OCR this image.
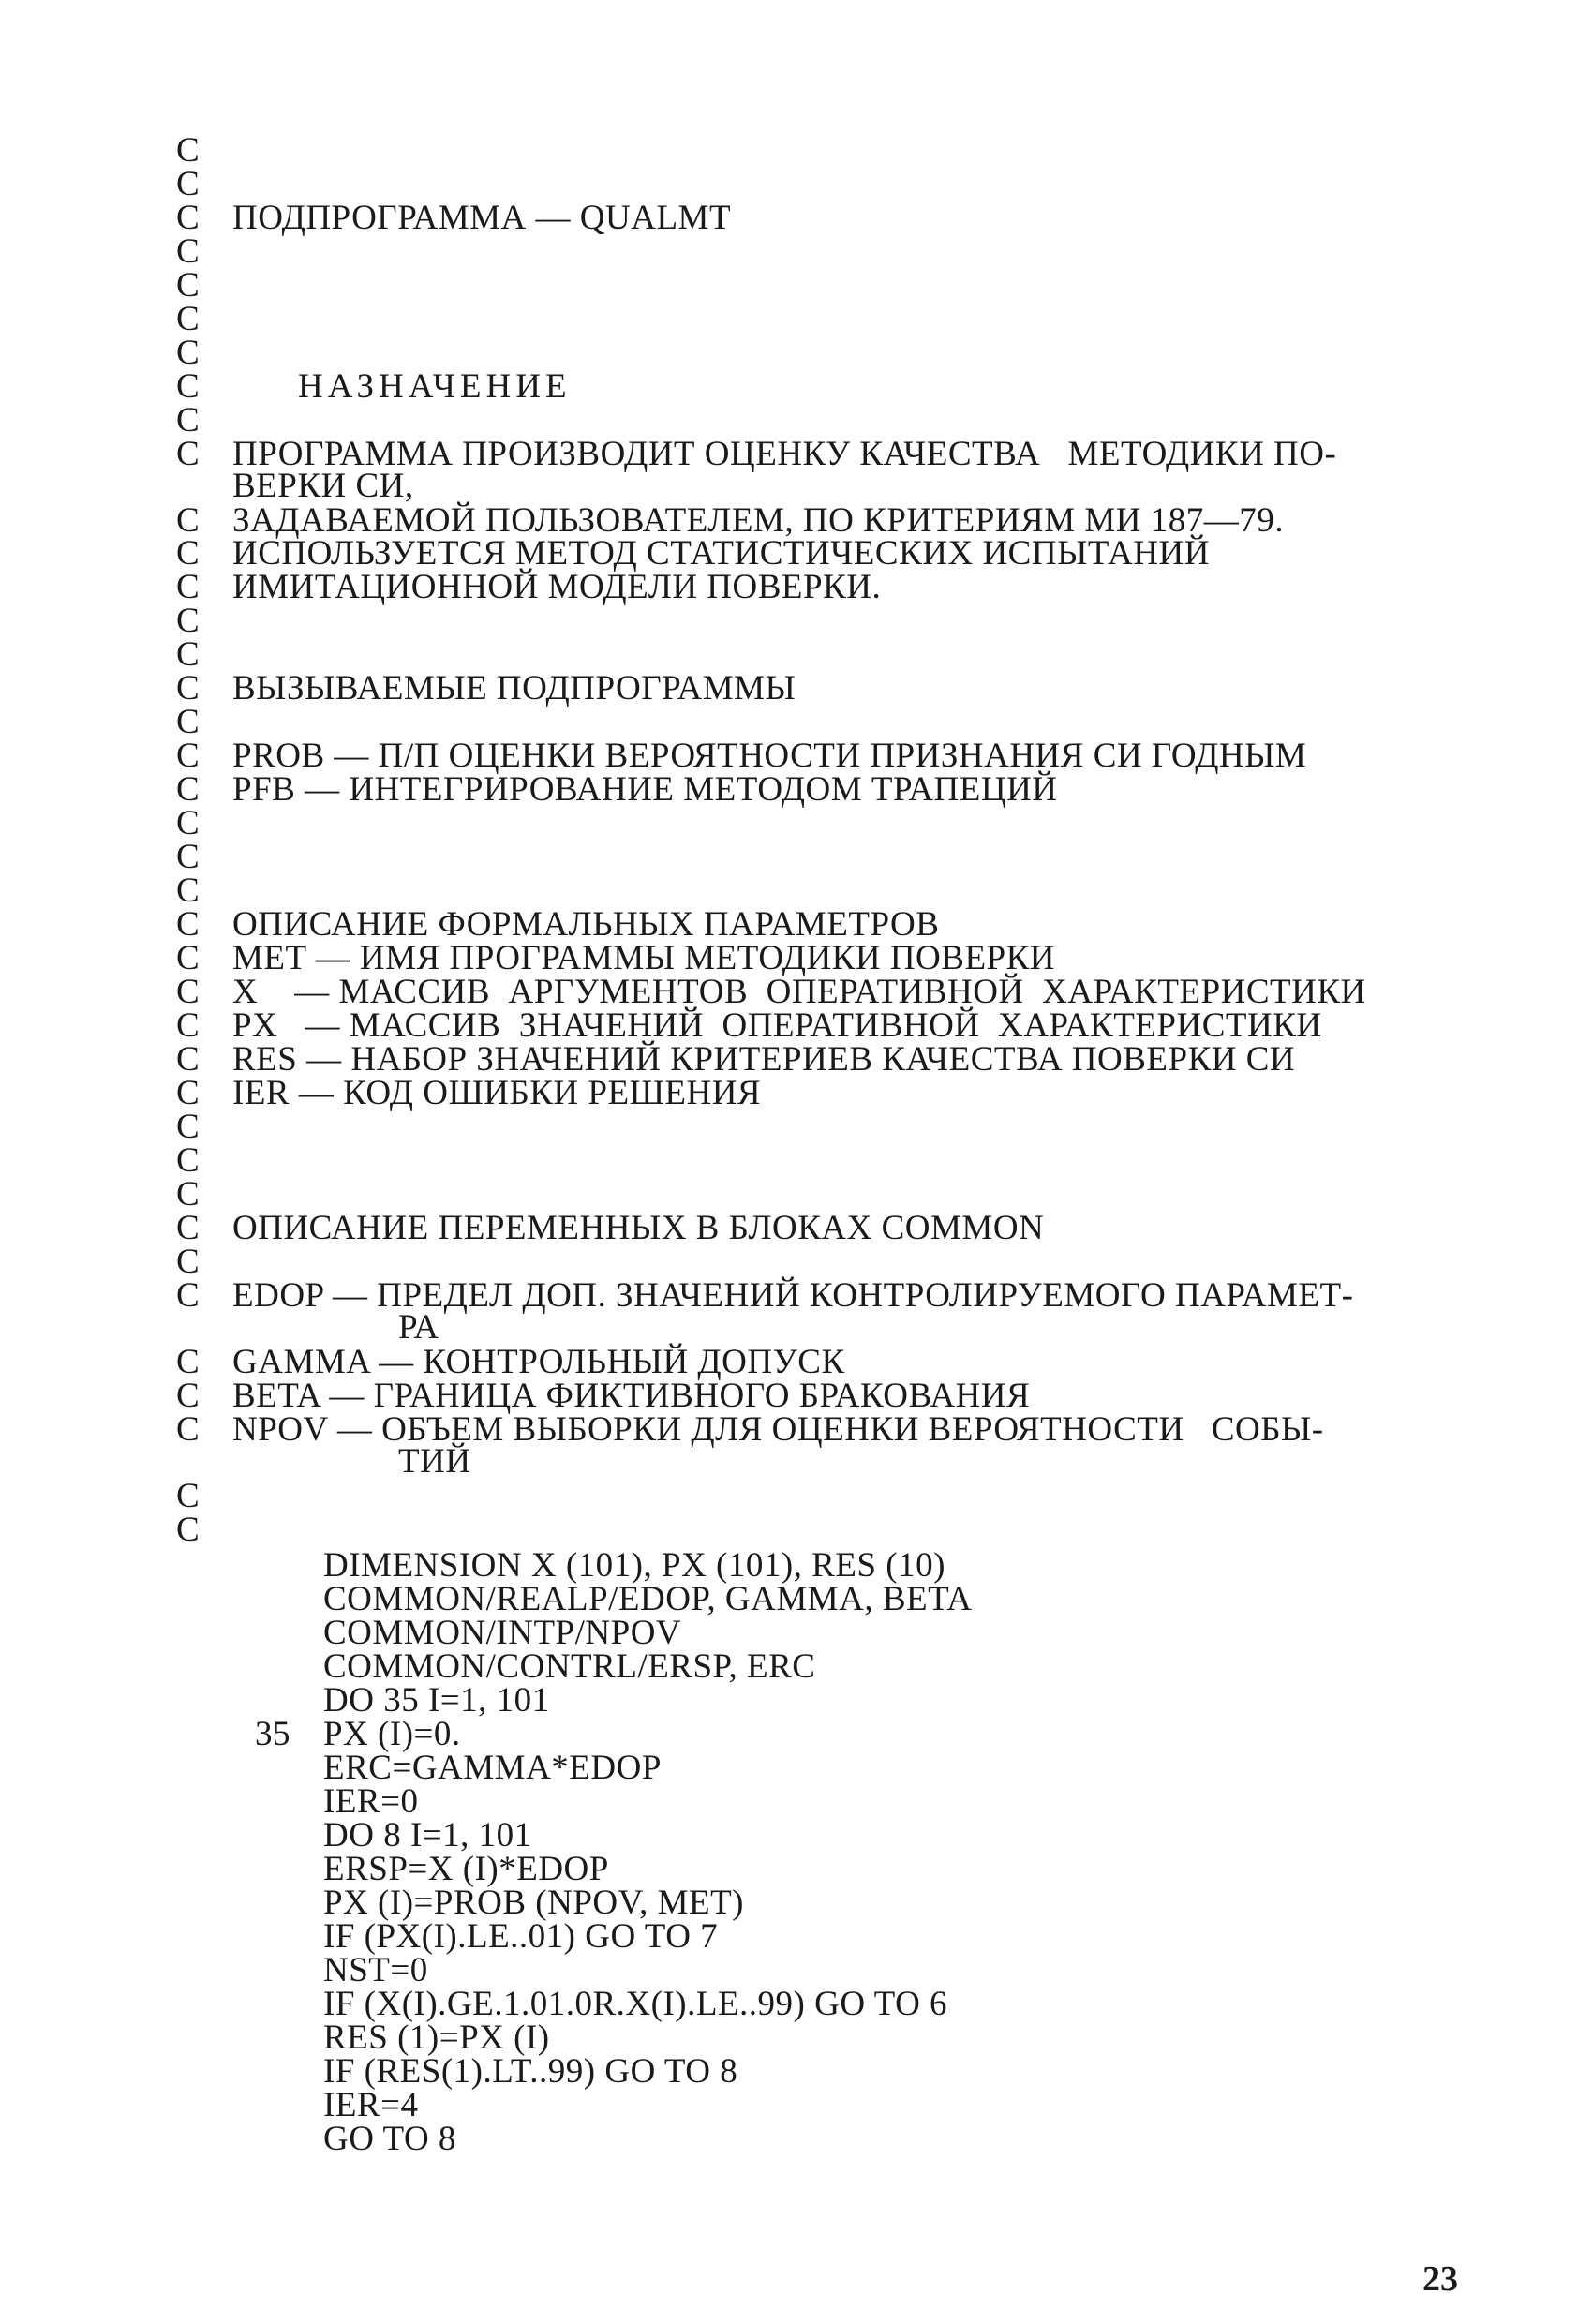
C
C
C ПОДПРОГРАММА — QUALMT
C
C
C
C
C	НАЗНАЧЕНИЕ
C
C ПРОГРАММА ПРОИЗВОДИТ ОЦЕНКУ КАЧЕСТВА   МЕТОДИКИ ПО-
ВЕРКИ СИ,
C ЗАДАВАЕМОЙ ПОЛЬЗОВАТЕЛЕМ, ПО КРИТЕРИЯМ МИ 187—79.
C ИСПОЛЬЗУЕТСЯ МЕТОД СТАТИСТИЧЕСКИХ ИСПЫТАНИЙ
C ИМИТАЦИОННОЙ МОДЕЛИ ПОВЕРКИ.
C
C
C ВЫЗЫВАЕМЫЕ ПОДПРОГРАММЫ
C
C PROB — П/П ОЦЕНКИ ВЕРОЯТНОСТИ ПРИЗНАНИЯ СИ ГОДНЫМ
C PFB — ИНТЕГРИРОВАНИЕ МЕТОДОМ ТРАПЕЦИЙ
C
C
C
C ОПИСАНИЕ ФОРМАЛЬНЫХ ПАРАМЕТРОВ
C MET — ИМЯ ПРОГРАММЫ МЕТОДИКИ ПОВЕРКИ
C X    — МАССИВ  АРГУМЕНТОВ  ОПЕРАТИВНОЙ  ХАРАКТЕРИСТИКИ
C PX   — МАССИВ  ЗНАЧЕНИЙ  ОПЕРАТИВНОЙ  ХАРАКТЕРИСТИКИ
C RES — НАБОР ЗНАЧЕНИЙ КРИТЕРИЕВ КАЧЕСТВА ПОВЕРКИ СИ
C IER — КОД ОШИБКИ РЕШЕНИЯ
C
C
C
C ОПИСАНИЕ ПЕРЕМЕННЫХ В БЛОКАХ COMMON
C
C EDOP — ПРЕДЕЛ ДОП. ЗНАЧЕНИЙ КОНТРОЛИРУЕМОГО ПАРАМЕТ-
РА
C GAMMA — КОНТРОЛЬНЫЙ ДОПУСК
C BETA — ГРАНИЦА ФИКТИВНОГО БРАКОВАНИЯ
C NPOV — ОБЪЕМ ВЫБОРКИ ДЛЯ ОЦЕНКИ ВЕРОЯТНОСТИ   СОБЫ-
ТИЙ
C
C
DIMENSION X (101), PX (101), RES (10)
COMMON/REALP/EDOP, GAMMA, BETA
COMMON/INTP/NPOV
COMMON/CONTRL/ERSP, ERC
DO 35 I=1, 101
35 PX (I)=0.
ERC=GAMMA*EDOP
IER=0
DO 8 I=1, 101
ERSP=X (I)*EDOP
PX (I)=PROB (NPOV, MET)
IF (PX(I).LE..01) GO TO 7
NST=0
IF (X(I).GE.1.01.0R.X(I).LE..99) GO TO 6
RES (1)=PX (I)
IF (RES(1).LT..99) GO TO 8
IER=4
GO TO 8
23
